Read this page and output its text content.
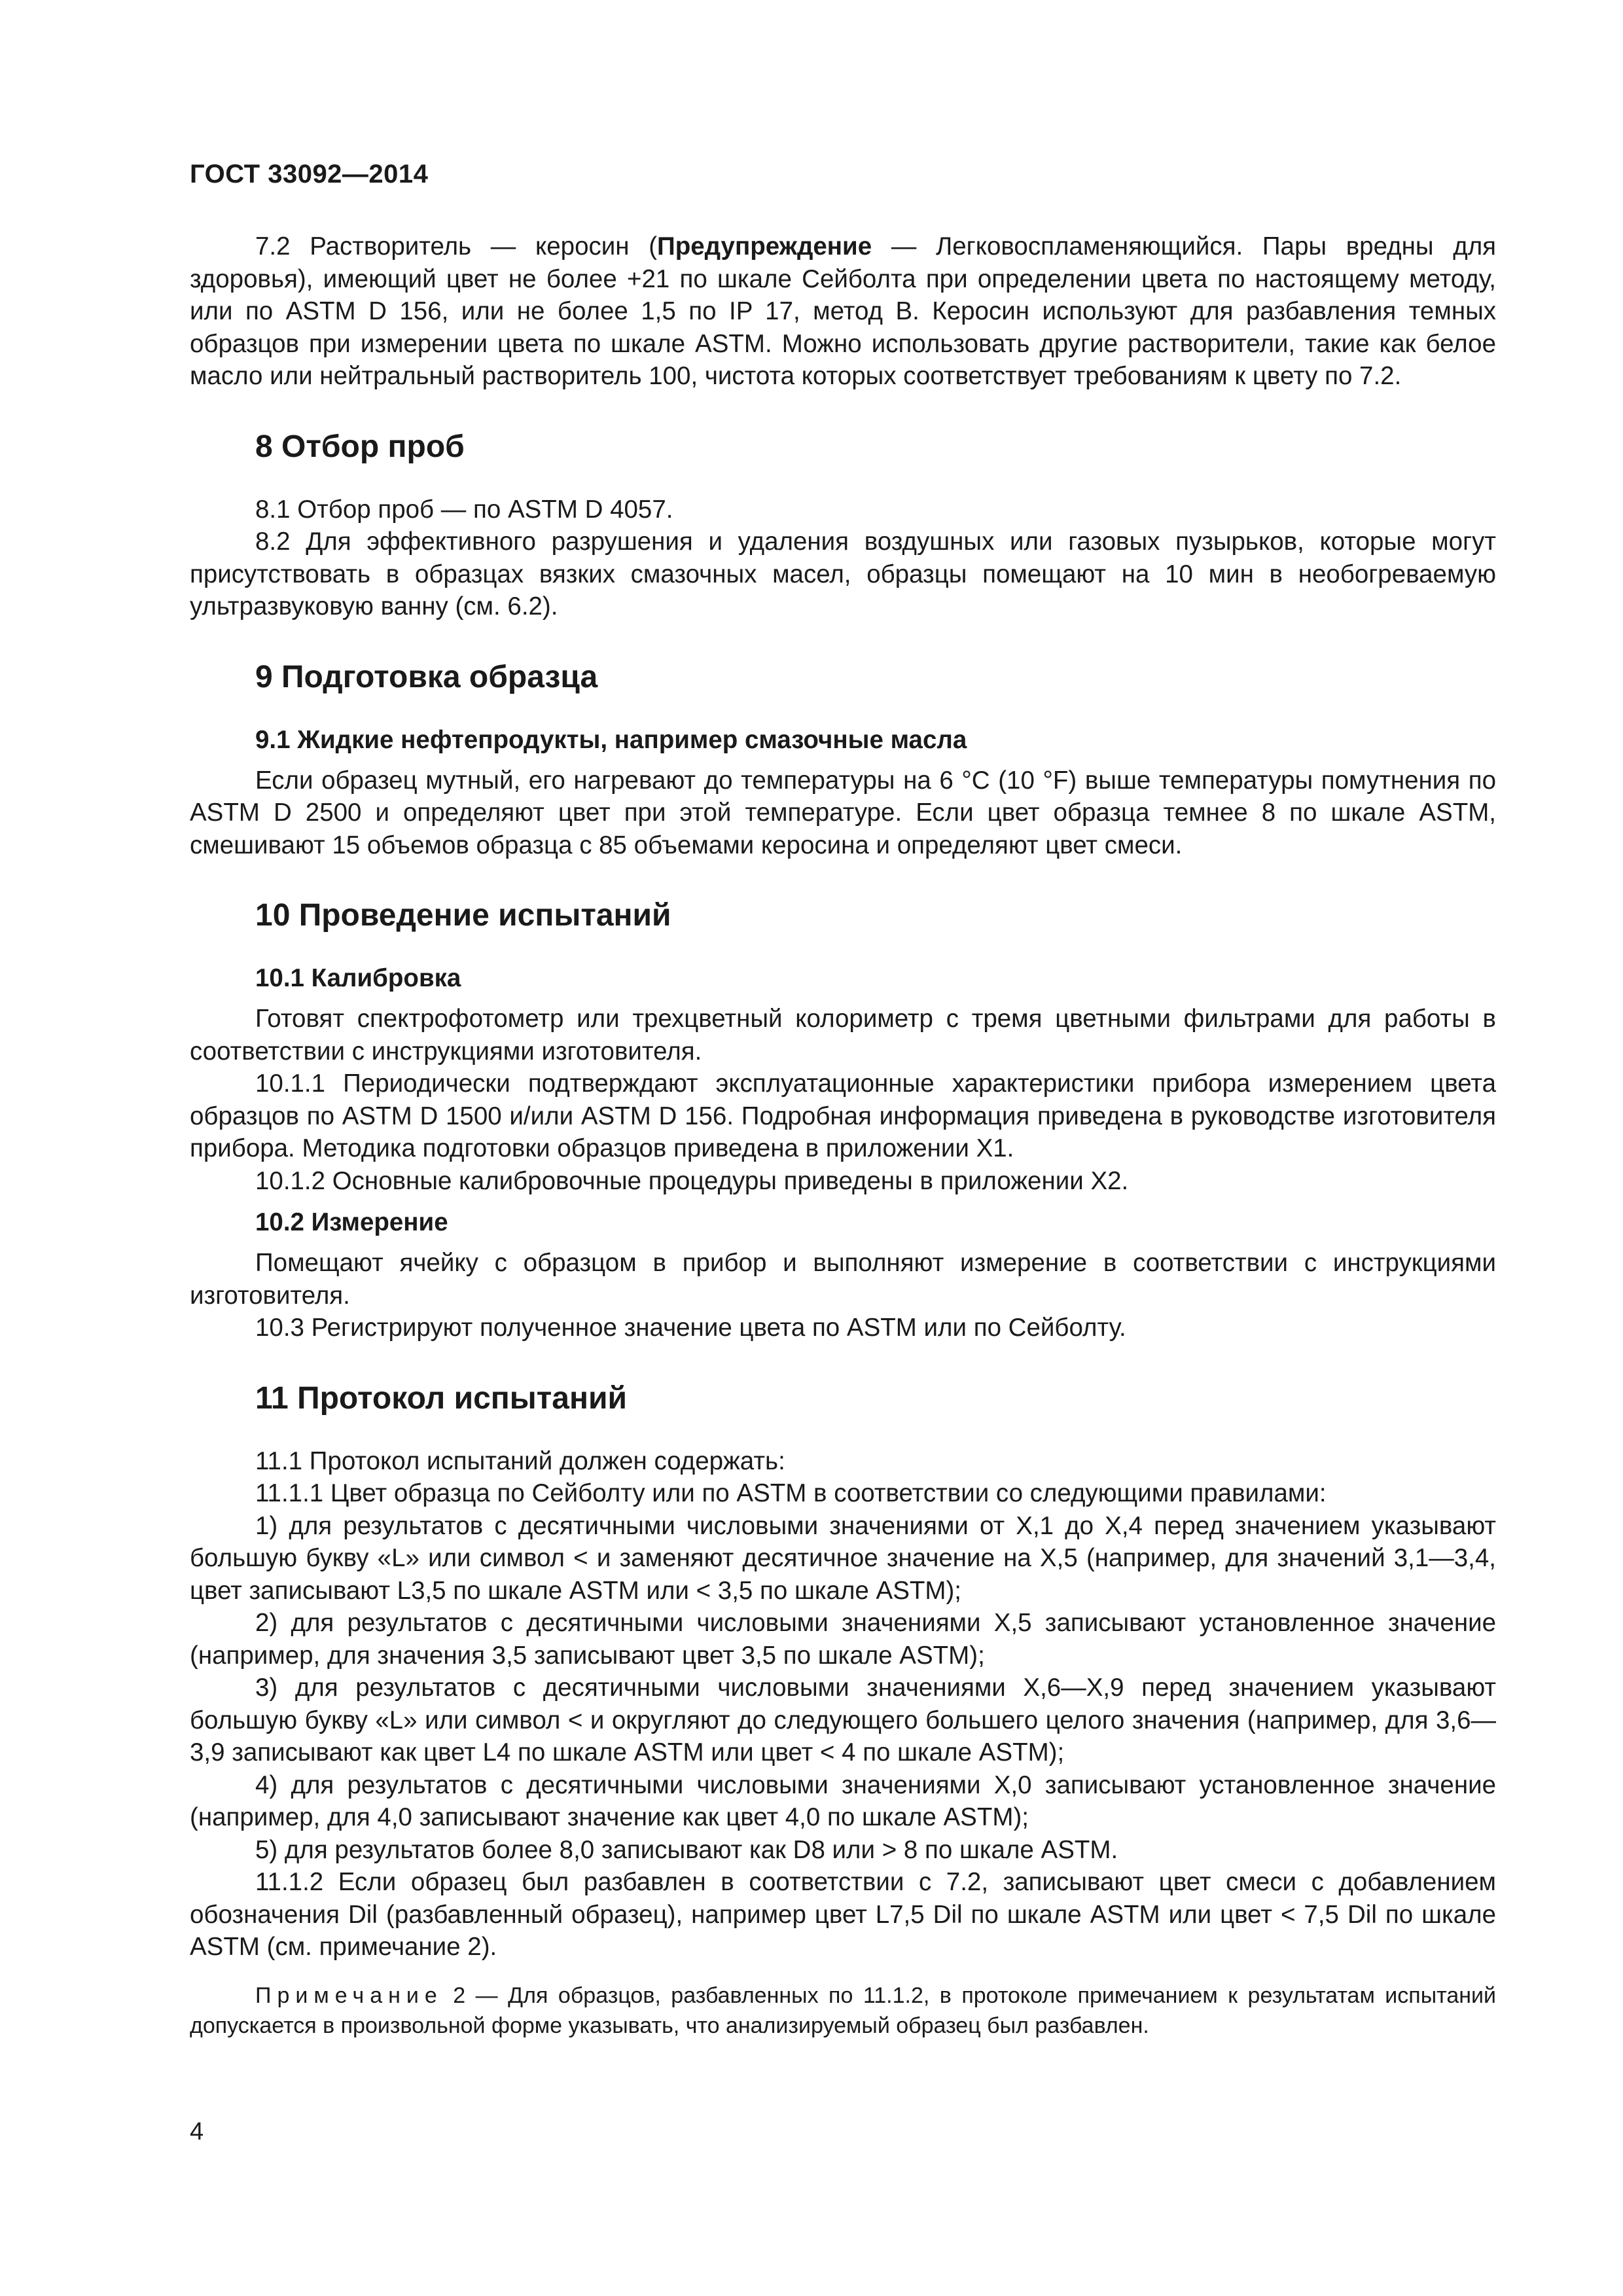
ГОСТ 33092—2014

7.2 Растворитель — керосин (Предупреждение — Легковоспламеняющийся. Пары вредны для здоровья), имеющий цвет не более +21 по шкале Сейболта при определении цвета по настоящему методу, или по ASTM D 156, или не более 1,5 по IP 17, метод В. Керосин используют для разбавления темных образцов при измерении цвета по шкале ASTM. Можно использовать другие растворители, такие как белое масло или нейтральный растворитель 100, чистота которых соответствует требованиям к цвету по 7.2.

8 Отбор проб

8.1 Отбор проб — по ASTM D 4057.

8.2 Для эффективного разрушения и удаления воздушных или газовых пузырьков, которые могут присутствовать в образцах вязких смазочных масел, образцы помещают на 10 мин в необогреваемую ультразвуковую ванну (см. 6.2).

9 Подготовка образца
9.1 Жидкие нефтепродукты, например смазочные масла

Если образец мутный, его нагревают до температуры на 6 °С (10 °F) выше температуры помутнения по ASTM D 2500 и определяют цвет при этой температуре. Если цвет образца темнее 8 по шкале ASTM, смешивают 15 объемов образца с 85 объемами керосина и определяют цвет смеси.

10 Проведение испытаний
10.1 Калибровка

Готовят спектрофотометр или трехцветный колориметр с тремя цветными фильтрами для работы в соответствии с инструкциями изготовителя.

10.1.1 Периодически подтверждают эксплуатационные характеристики прибора измерением цвета образцов по ASTM D 1500 и/или ASTM D 156. Подробная информация приведена в руководстве изготовителя прибора. Методика подготовки образцов приведена в приложении X1.

10.1.2 Основные калибровочные процедуры приведены в приложении X2.

10.2 Измерение

Помещают ячейку с образцом в прибор и выполняют измерение в соответствии с инструкциями изготовителя.

10.3 Регистрируют полученное значение цвета по ASTM или по Сейболту.

11 Протокол испытаний

11.1 Протокол испытаний должен содержать:

11.1.1 Цвет образца по Сейболту или по ASTM в соответствии со следующими правилами:

1) для результатов с десятичными числовыми значениями от X,1 до X,4 перед значением указывают большую букву «L» или символ < и заменяют десятичное значение на X,5 (например, для значений 3,1—3,4, цвет записывают L3,5 по шкале ASTM или < 3,5 по шкале ASTM);

2) для результатов с десятичными числовыми значениями X,5 записывают установленное значение (например, для значения 3,5 записывают цвет 3,5 по шкале ASTM);

3) для результатов с десятичными числовыми значениями X,6—X,9 перед значением указывают большую букву «L» или символ < и округляют до следующего большего целого значения (например, для 3,6—3,9 записывают как цвет L4 по шкале ASTM или цвет < 4 по шкале ASTM);

4) для результатов с десятичными числовыми значениями X,0 записывают установленное значение (например, для 4,0 записывают значение как цвет 4,0 по шкале ASTM);

5) для результатов более 8,0 записывают как D8 или > 8 по шкале ASTM.

11.1.2 Если образец был разбавлен в соответствии с 7.2, записывают цвет смеси с добавлением обозначения Dil (разбавленный образец), например цвет L7,5 Dil по шкале ASTM или цвет < 7,5 Dil по шкале ASTM (см. примечание 2).

Примечание 2 — Для образцов, разбавленных по 11.1.2, в протоколе примечанием к результатам испытаний допускается в произвольной форме указывать, что анализируемый образец был разбавлен.

4
